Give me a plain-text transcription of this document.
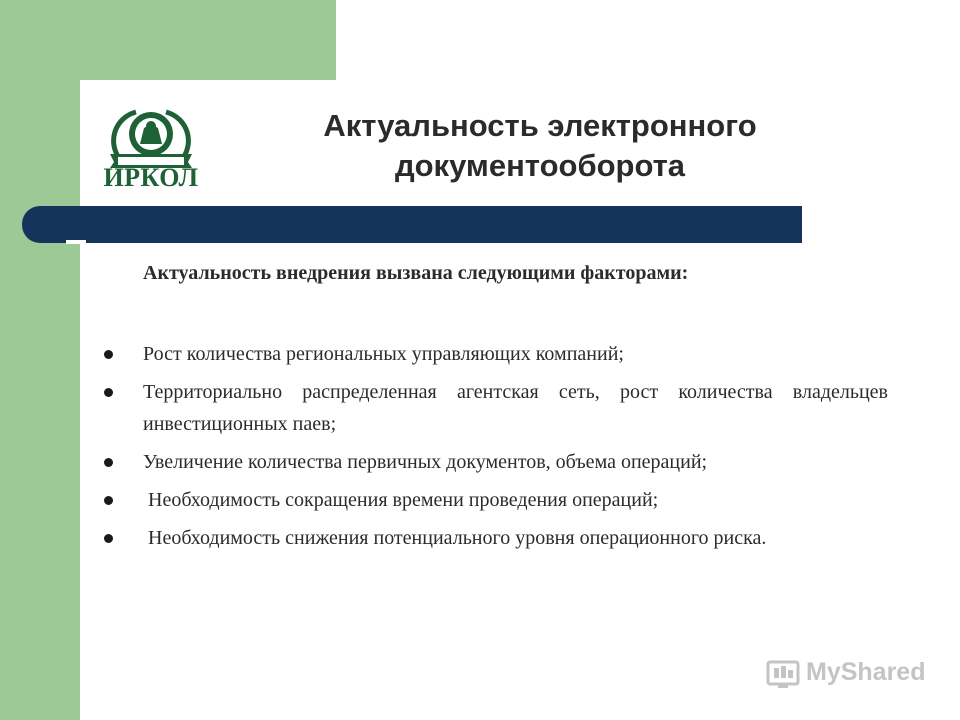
ИРКОЛ
Актуальность электронного
документооборота
Актуальность внедрения вызвана следующими факторами:
Рост количества региональных управляющих компаний;
Территориально распределенная агентская сеть, рост количества владельцев инвестиционных паев;
Увеличение количества первичных документов, объема операций;
Необходимость сокращения времени проведения операций;
Необходимость снижения потенциального уровня операционного риска.
MyShared
